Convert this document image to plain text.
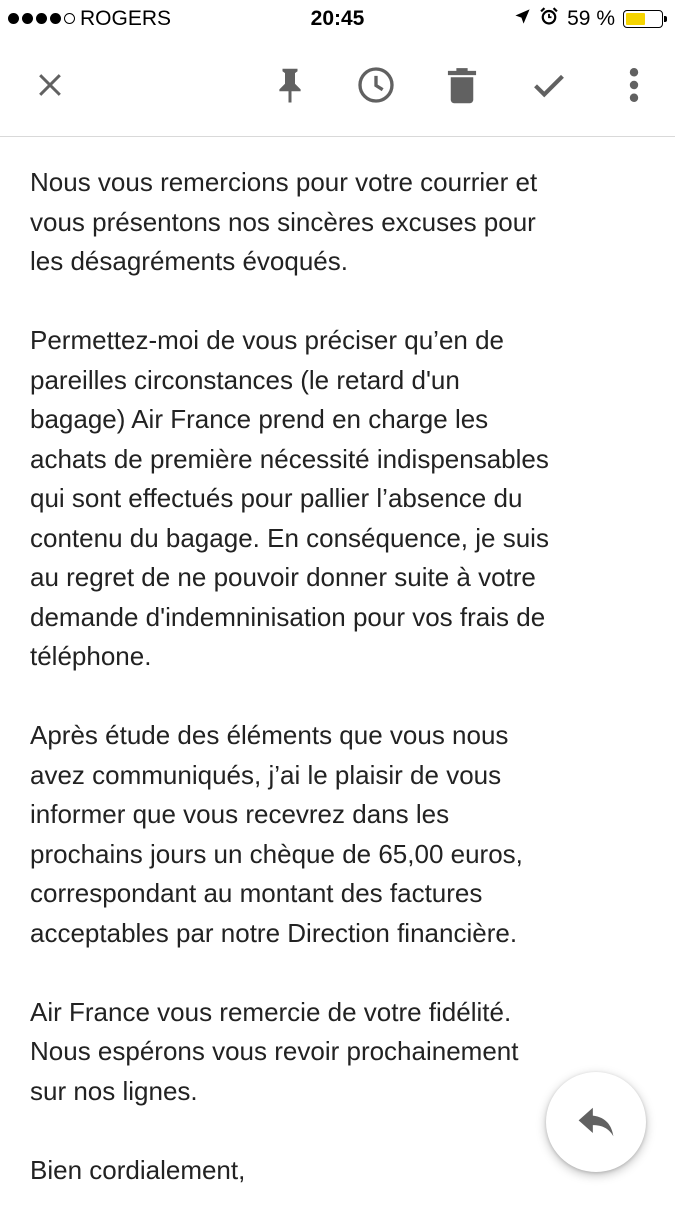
ROGERS	20:45	59 %

Nous vous remercions pour votre courrier et
vous présentons nos sincères excuses pour
les désagréments évoqués.

Permettez-moi de vous préciser qu’en de
pareilles circonstances (le retard d'un
bagage) Air France prend en charge les
achats de première nécessité indispensables
qui sont effectués pour pallier l’absence du
contenu du bagage. En conséquence, je suis
au regret de ne pouvoir donner suite à votre
demande d'indemninisation pour vos frais de
téléphone.

Après étude des éléments que vous nous
avez communiqués, j’ai le plaisir de vous
informer que vous recevrez dans les
prochains jours un chèque de 65,00 euros,
correspondant au montant des factures
acceptables par notre Direction financière.

Air France vous remercie de votre fidélité.
Nous espérons vous revoir prochainement
sur nos lignes.

Bien cordialement,
